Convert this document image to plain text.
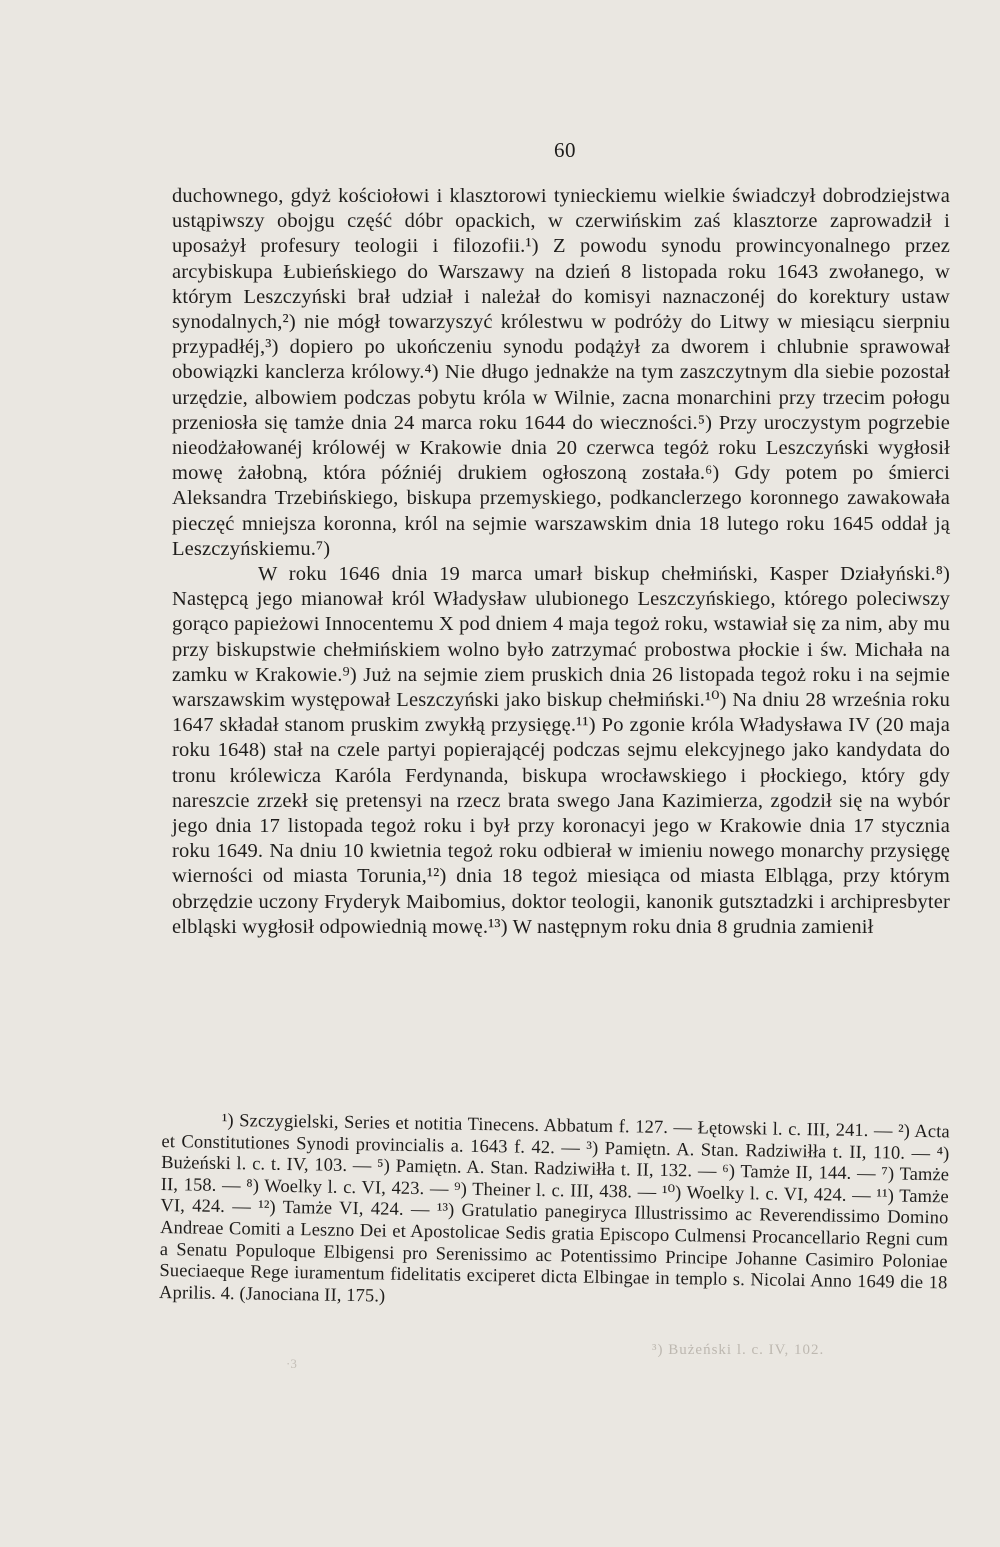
60

duchownego, gdyż kościołowi i klasztorowi tynieckiemu wielkie świadczył dobrodziejstwa ustąpiwszy obojgu część dóbr opackich, w czerwińskim zaś klasztorze zaprowadził i uposażył profesury teologii i filozofii.¹) Z powodu synodu prowincyonalnego przez arcybiskupa Łubieńskiego do Warszawy na dzień 8 listopada roku 1643 zwołanego, w którym Leszczyński brał udział i należał do komisyi naznaczonéj do korektury ustaw synodalnych,²) nie mógł towarzyszyć królestwu w podróży do Litwy w miesiącu sierpniu przypadłéj,³) dopiero po ukończeniu synodu podążył za dworem i chlubnie sprawował obowiązki kanclerza królowy.⁴) Nie długo jednakże na tym zaszczytnym dla siebie pozostał urzędzie, albowiem podczas pobytu króla w Wilnie, zacna monarchini przy trzecim połogu przeniosła się tamże dnia 24 marca roku 1644 do wieczności.⁵) Przy uroczystym pogrzebie nieodżałowanéj królowéj w Krakowie dnia 20 czerwca tegóż roku Leszczyński wygłosił mowę żałobną, która późniéj drukiem ogłoszoną została.⁶) Gdy potem po śmierci Aleksandra Trzebińskiego, biskupa przemyskiego, podkanclerzego koronnego zawakowała pieczęć mniejsza koronna, król na sejmie warszawskim dnia 18 lutego roku 1645 oddał ją Leszczyńskiemu.⁷)

W roku 1646 dnia 19 marca umarł biskup chełmiński, Kasper Działyński.⁸) Następcą jego mianował król Władysław ulubionego Leszczyńskiego, którego poleciwszy gorąco papieżowi Innocentemu X pod dniem 4 maja tegoż roku, wstawiał się za nim, aby mu przy biskupstwie chełmińskiem wolno było zatrzymać probostwa płockie i św. Michała na zamku w Krakowie.⁹) Już na sejmie ziem pruskich dnia 26 listopada tegoż roku i na sejmie warszawskim występował Leszczyński jako biskup chełmiński.¹⁰) Na dniu 28 września roku 1647 składał stanom pruskim zwykłą przysięgę.¹¹) Po zgonie króla Władysława IV (20 maja roku 1648) stał na czele partyi popierającéj podczas sejmu elekcyjnego jako kandydata do tronu królewicza Karóla Ferdynanda, biskupa wrocławskiego i płockiego, który gdy nareszcie zrzekł się pretensyi na rzecz brata swego Jana Kazimierza, zgodził się na wybór jego dnia 17 listopada tegoż roku i był przy koronacyi jego w Krakowie dnia 17 stycznia roku 1649. Na dniu 10 kwietnia tegoż roku odbierał w imieniu nowego monarchy przysięgę wierności od miasta Torunia,¹²) dnia 18 tegoż miesiąca od miasta Elbląga, przy którym obrzędzie uczony Fryderyk Maibomius, doktor teologii, kanonik gutsztadzki i archipresbyter elbląski wygłosił odpowiednią mowę.¹³) W następnym roku dnia 8 grudnia zamienił

¹) Szczygielski, Series et notitia Tinecens. Abbatum f. 127. — Łętowski l. c. III, 241. — ²) Acta et Constitutiones Synodi provincialis a. 1643 f. 42. — ³) Pamiętn. A. Stan. Radziwiłła t. II, 110. — ⁴) Bużeński l. c. t. IV, 103. — ⁵) Pamiętn. A. Stan. Radziwiłła t. II, 132. — ⁶) Tamże II, 144. — ⁷) Tamże II, 158. — ⁸) Woelky l. c. VI, 423. — ⁹) Theiner l. c. III, 438. — ¹⁰) Woelky l. c. VI, 424. — ¹¹) Tamże VI, 424. — ¹²) Tamże VI, 424. — ¹³) Gratulatio panegiryca Illustrissimo ac Reverendissimo Domino Andreae Comiti a Leszno Dei et Apostolicae Sedis gratia Episcopo Culmensi Procancellario Regni cum a Senatu Populoque Elbigensi pro Serenissimo ac Potentissimo Principe Johanne Casimiro Poloniae Sueciaeque Rege iuramentum fidelitatis exciperet dicta Elbingae in templo s. Nicolai Anno 1649 die 18 Aprilis. 4. (Janociana II, 175.)

³) Bużeński l. c. IV, 102.
·3
